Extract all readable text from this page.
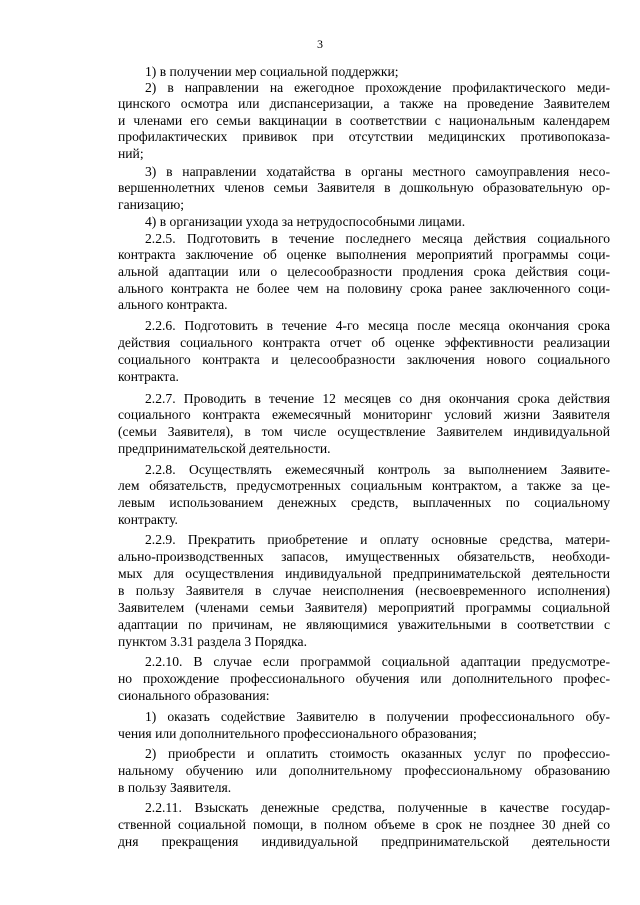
3
1) в получении мер социальной поддержки;
2) в направлении на ежегодное прохождение профилактического меди-
цинского осмотра или диспансеризации, а также на проведение Заявителем
и членами его семьи вакцинации в соответствии с национальным календарем
профилактических прививок при отсутствии медицинских противопоказа-
ний;
3) в направлении ходатайства в органы местного самоуправления несо-
вершеннолетних членов семьи Заявителя в дошкольную образовательную ор-
ганизацию;
4) в организации ухода за нетрудоспособными лицами.
2.2.5. Подготовить в течение последнего месяца действия социального
контракта заключение об оценке выполнения мероприятий программы соци-
альной адаптации или о целесообразности продления срока действия соци-
ального контракта не более чем на половину срока ранее заключенного соци-
ального контракта.
2.2.6. Подготовить в течение 4-го месяца после месяца окончания срока
действия социального контракта отчет об оценке эффективности реализации
социального контракта и целесообразности заключения нового социального
контракта.
2.2.7. Проводить в течение 12 месяцев со дня окончания срока действия
социального контракта ежемесячный мониторинг условий жизни Заявителя
(семьи Заявителя), в том числе осуществление Заявителем индивидуальной
предпринимательской деятельности.
2.2.8. Осуществлять ежемесячный контроль за выполнением Заявите-
лем обязательств, предусмотренных социальным контрактом, а также за це-
левым использованием денежных средств, выплаченных по социальному
контракту.
2.2.9. Прекратить приобретение и оплату основные средства, матери-
ально-производственных запасов, имущественных обязательств, необходи-
мых для осуществления индивидуальной предпринимательской деятельности
в пользу Заявителя в случае неисполнения (несвоевременного исполнения)
Заявителем (членами семьи Заявителя) мероприятий программы социальной
адаптации по причинам, не являющимися уважительными в соответствии с
пунктом 3.31 раздела 3 Порядка.
2.2.10. В случае если программой социальной адаптации предусмотре-
но прохождение профессионального обучения или дополнительного профес-
сионального образования:
1) оказать содействие Заявителю в получении профессионального обу-
чения или дополнительного профессионального образования;
2) приобрести и оплатить стоимость оказанных услуг по профессио-
нальному обучению или дополнительному профессиональному образованию
в пользу Заявителя.
2.2.11. Взыскать денежные средства, полученные в качестве государ-
ственной социальной помощи, в полном объеме в срок не позднее 30 дней со
дня прекращения индивидуальной предпринимательской деятельности
